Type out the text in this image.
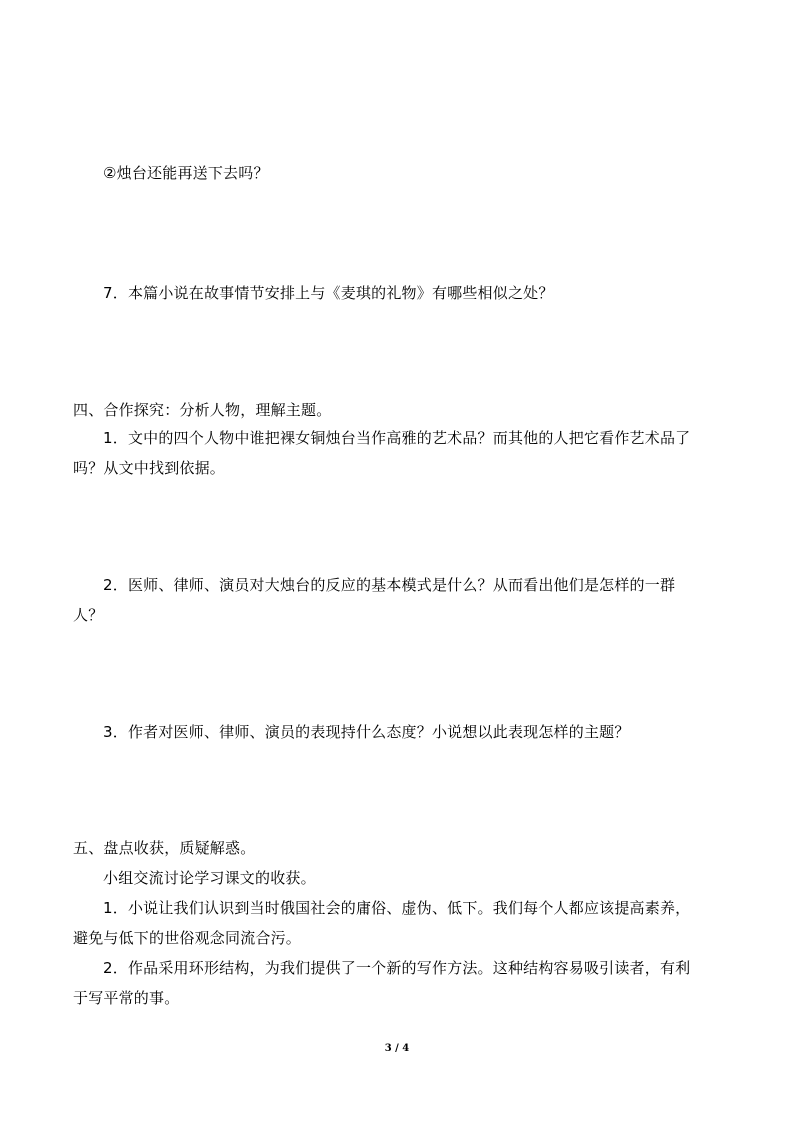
②烛台还能再送下去吗？
7．本篇小说在故事情节安排上与《麦琪的礼物》有哪些相似之处？
四、合作探究：分析人物，理解主题。
1．文中的四个人物中谁把裸女铜烛台当作高雅的艺术品？而其他的人把它看作艺术品了
吗？从文中找到依据。
2．医师、律师、演员对大烛台的反应的基本模式是什么？从而看出他们是怎样的一群
人？
3．作者对医师、律师、演员的表现持什么态度？小说想以此表现怎样的主题？
五、盘点收获，质疑解惑。
小组交流讨论学习课文的收获。
1．小说让我们认识到当时俄国社会的庸俗、虚伪、低下。我们每个人都应该提高素养，
避免与低下的世俗观念同流合污。
2．作品采用环形结构，为我们提供了一个新的写作方法。这种结构容易吸引读者，有利
于写平常的事。
3 / 4
